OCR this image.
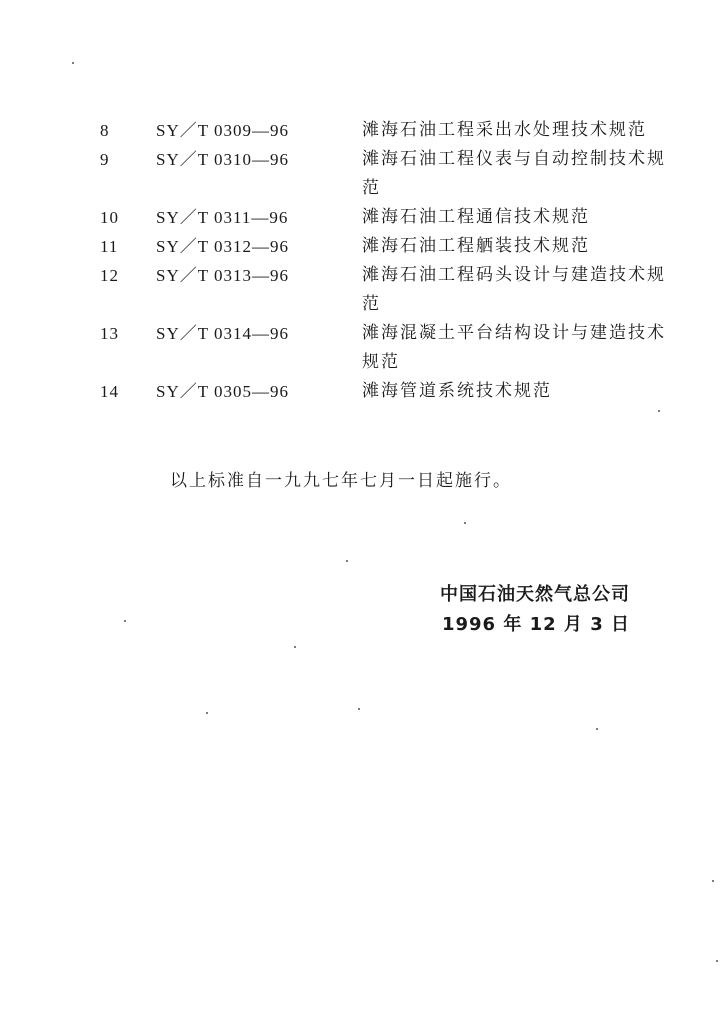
8	SY／T 0309—96	滩海石油工程采出水处理技术规范
9	SY／T 0310—96	滩海石油工程仪表与自动控制技术规范
10	SY／T 0311—96	滩海石油工程通信技术规范
11	SY／T 0312—96	滩海石油工程舾装技术规范
12	SY／T 0313—96	滩海石油工程码头设计与建造技术规范
13	SY／T 0314—96	滩海混凝土平台结构设计与建造技术规范
14	SY／T 0305—96	滩海管道系统技术规范
以上标准自一九九七年七月一日起施行。
中国石油天然气总公司
1996 年 12 月 3 日
